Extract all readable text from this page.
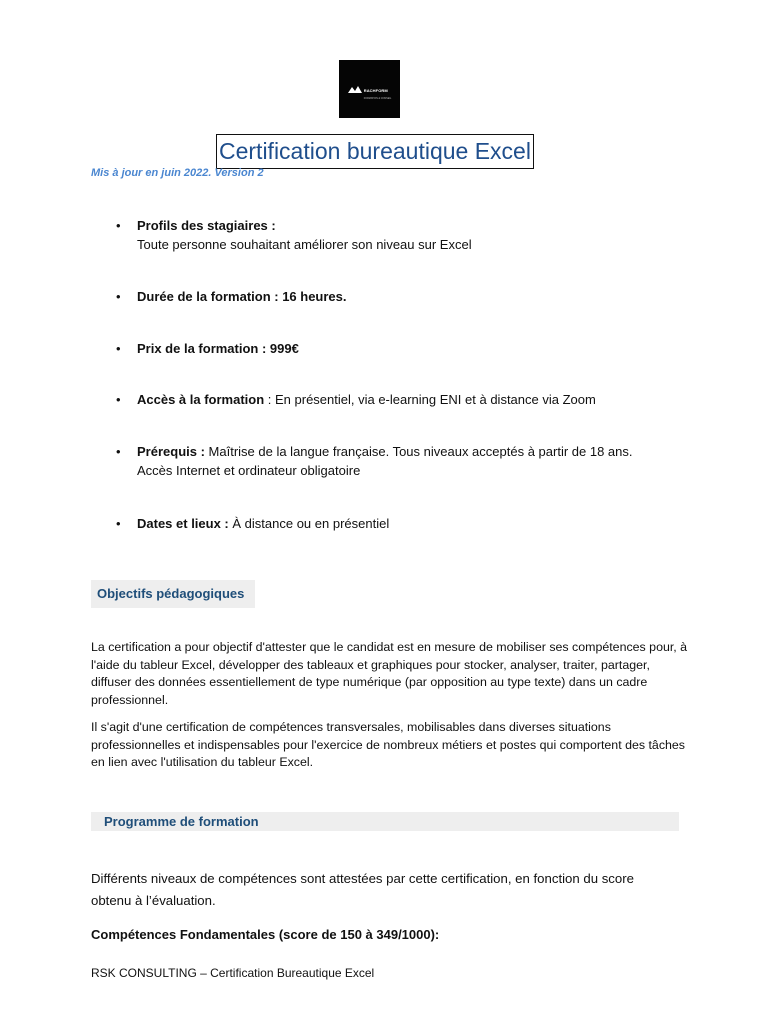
RACHFORM
FORMATION & CONSEIL
Certification bureautique Excel
Mis à jour en juin 2022. Version 2
• Profils des stagiaires :
Toute personne souhaitant améliorer son niveau sur Excel
• Durée de la formation : 16 heures.
• Prix de la formation : 999€
• Accès à la formation : En présentiel, via e-learning ENI et à distance via Zoom
• Prérequis : Maîtrise de la langue française. Tous niveaux acceptés à partir de 18 ans.
Accès Internet et ordinateur obligatoire
• Dates et lieux : À distance ou en présentiel
Objectifs pédagogiques
La certification a pour objectif d'attester que le candidat est en mesure de mobiliser ses compétences pour, à l'aide du tableur Excel, développer des tableaux et graphiques pour stocker, analyser, traiter, partager, diffuser des données essentiellement de type numérique (par opposition au type texte) dans un cadre professionnel.
Il s'agit d'une certification de compétences transversales, mobilisables dans diverses situations professionnelles et indispensables pour l'exercice de nombreux métiers et postes qui comportent des tâches en lien avec l'utilisation du tableur Excel.
Programme de formation
Différents niveaux de compétences sont attestées par cette certification, en fonction du score obtenu à l’évaluation.
Compétences Fondamentales (score de 150 à 349/1000):
RSK CONSULTING – Certification Bureautique Excel
